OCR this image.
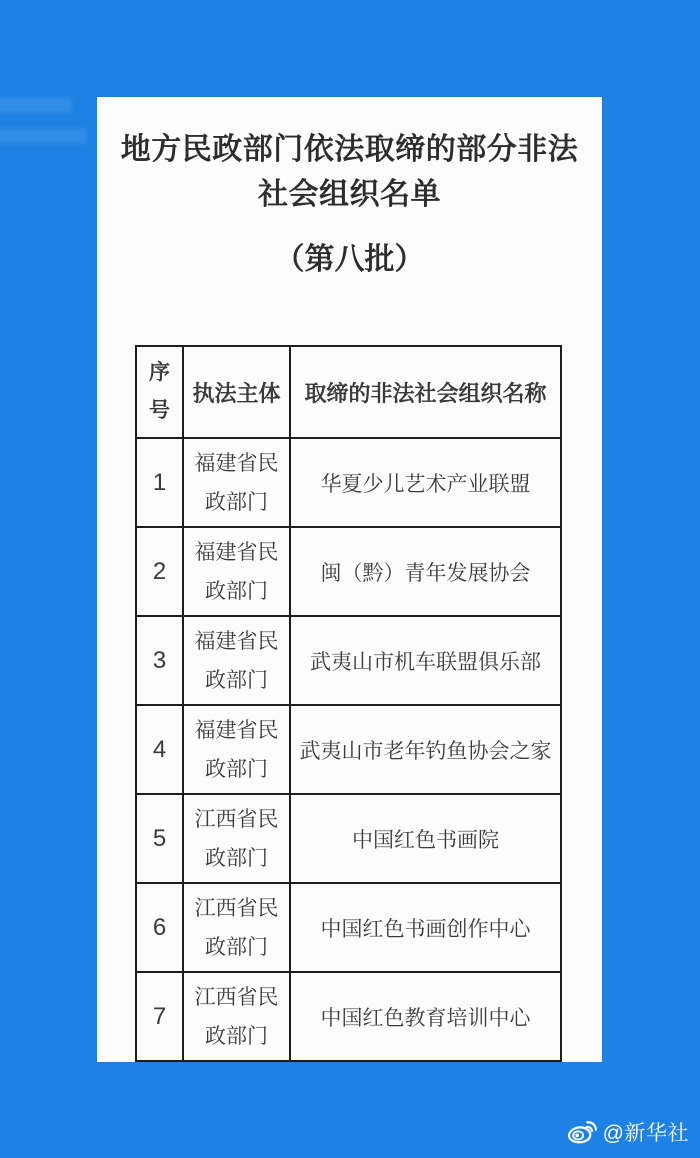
地方民政部门依法取缔的部分非法
社会组织名单
（第八批）
序号	执法主体	取缔的非法社会组织名称
1	福建省民政部门	华夏少儿艺术产业联盟
2	福建省民政部门	闽（黔）青年发展协会
3	福建省民政部门	武夷山市机车联盟俱乐部
4	福建省民政部门	武夷山市老年钓鱼协会之家
5	江西省民政部门	中国红色书画院
6	江西省民政部门	中国红色书画创作中心
7	江西省民政部门	中国红色教育培训中心

@新华社
